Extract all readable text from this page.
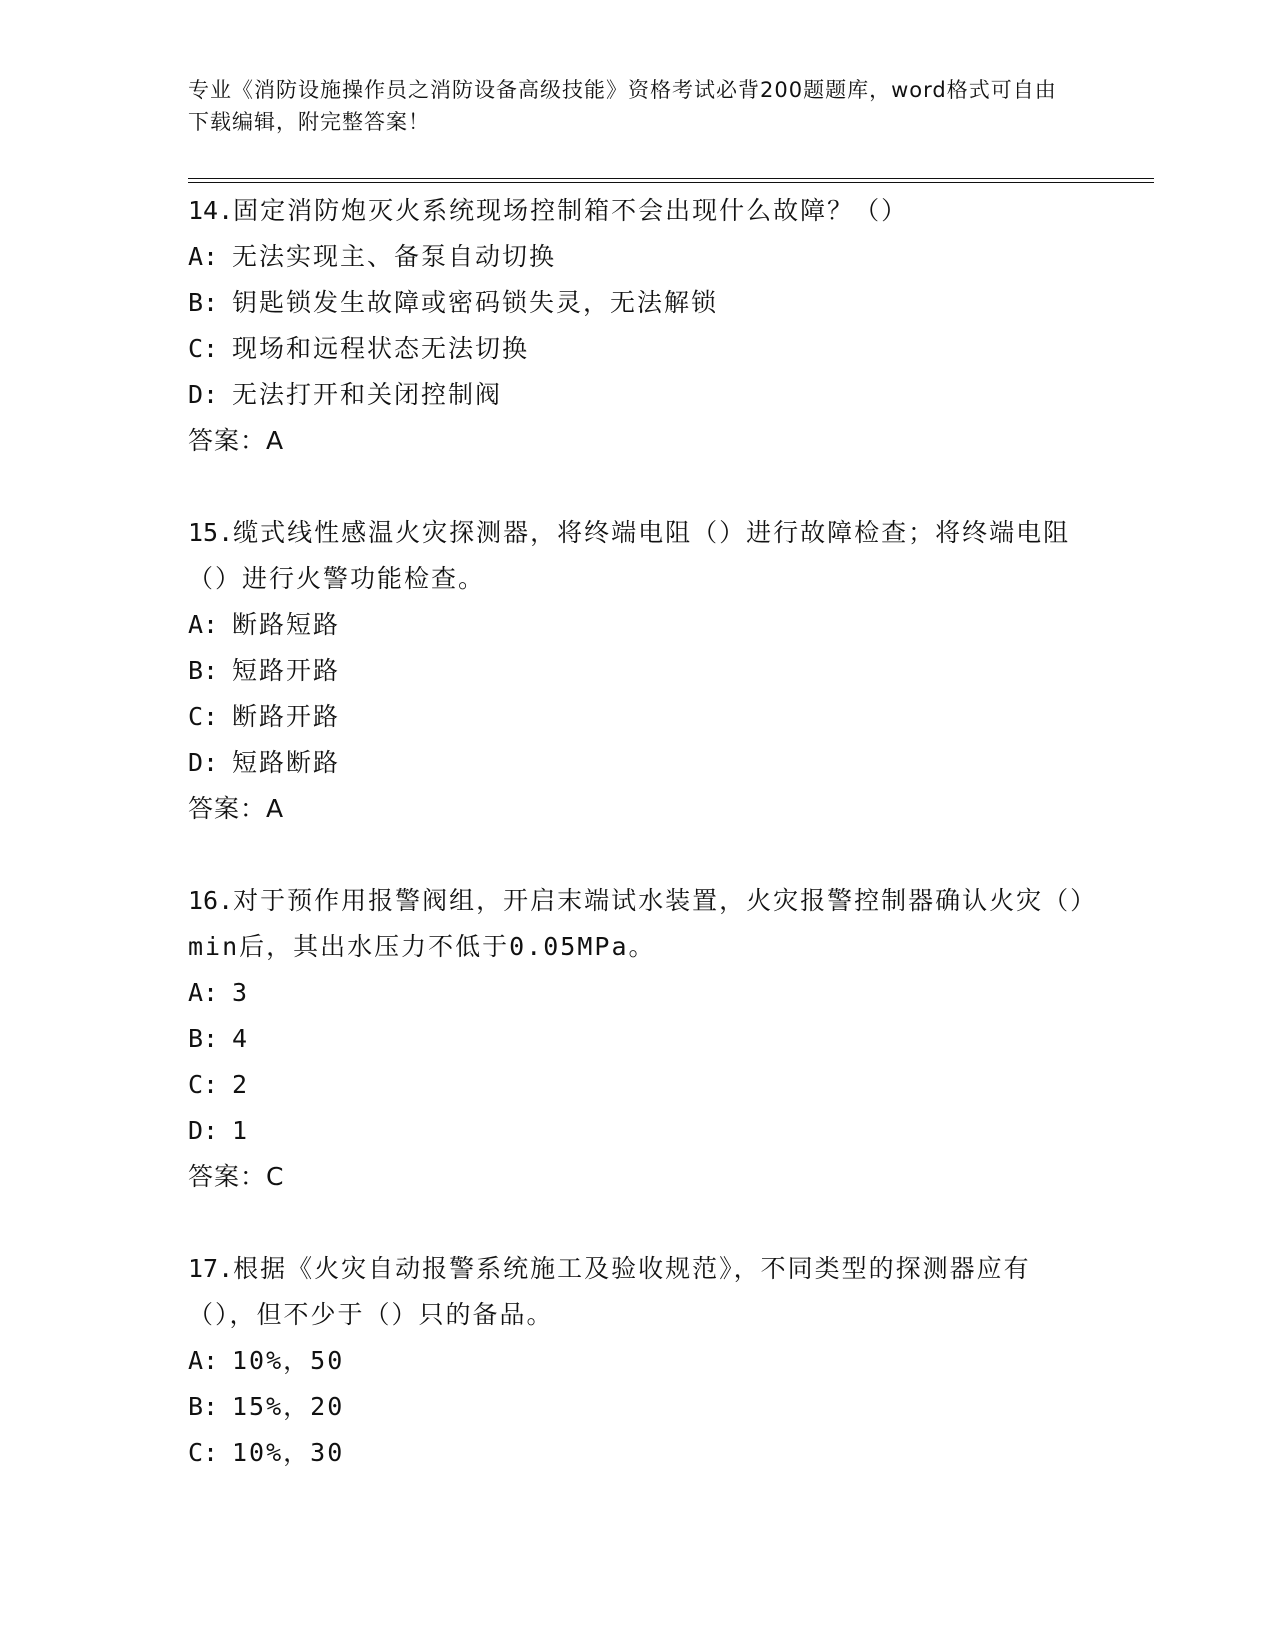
专业《消防设施操作员之消防设备高级技能》资格考试必背200题题库，word格式可自由下载编辑，附完整答案！

14.固定消防炮灭火系统现场控制箱不会出现什么故障？（）

A: 无法实现主、备泵自动切换

B: 钥匙锁发生故障或密码锁失灵，无法解锁

C: 现场和远程状态无法切换

D: 无法打开和关闭控制阀

答案：A

15.缆式线性感温火灾探测器，将终端电阻（）进行故障检查；将终端电阻（）进行火警功能检查。

A: 断路短路

B: 短路开路

C: 断路开路

D: 短路断路

答案：A

16.对于预作用报警阀组，开启末端试水装置，火灾报警控制器确认火灾（）min后，其出水压力不低于0.05MPa。

A: 3

B: 4

C: 2

D: 1

答案：C

17.根据《火灾自动报警系统施工及验收规范》，不同类型的探测器应有（），但不少于（）只的备品。

A: 10%，50

B: 15%，20

C: 10%，30
